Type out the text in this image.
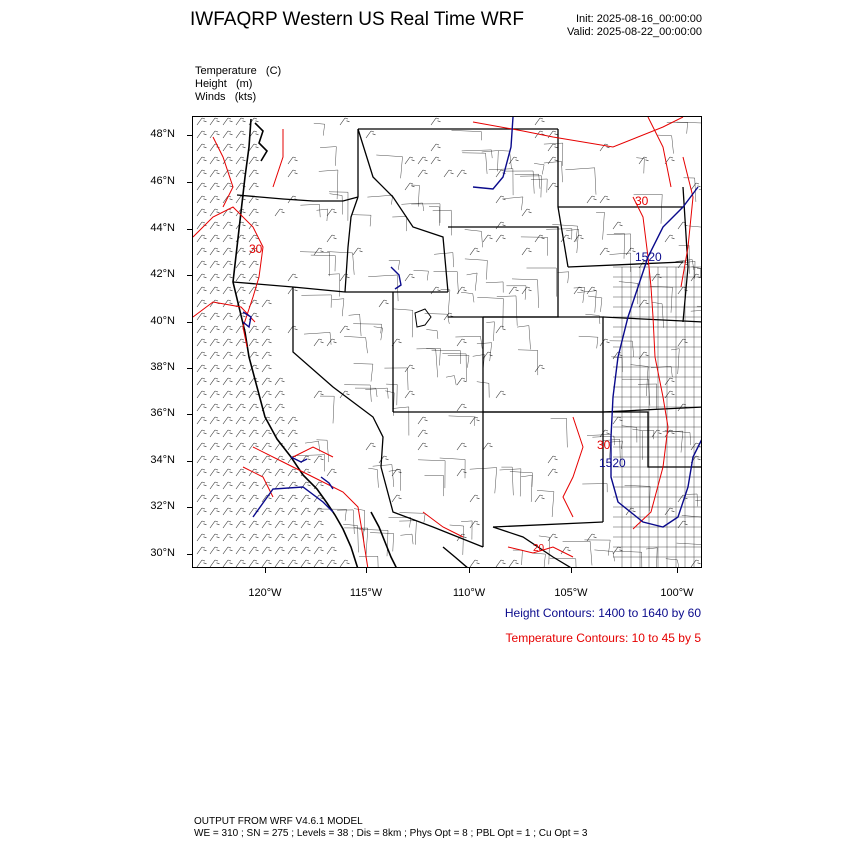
IWFAQRP Western US Real Time WRF	Init: 2025-08-16_00:00:00
Valid: 2025-08-22_00:00:00
Temperature   (C)
Height   (m)
Winds   (kts)
48°N
46°N
44°N
42°N
40°N
38°N
36°N
34°N
32°N
30°N
120°W	115°W	110°W	105°W	100°W
1520
1520
30
30
30
20
Height Contours: 1400 to 1640 by 60
Temperature Contours: 10 to 45 by 5
OUTPUT FROM WRF V4.6.1 MODEL
WE = 310 ; SN = 275 ; Levels = 38 ; Dis = 8km ; Phys Opt = 8 ; PBL Opt = 1 ; Cu Opt = 3
